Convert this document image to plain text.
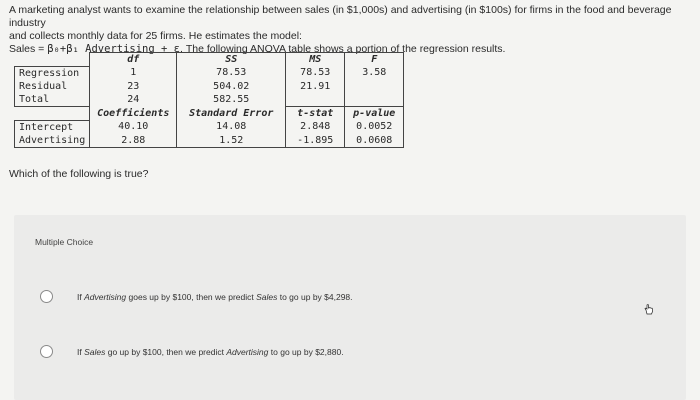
A marketing analyst wants to examine the relationship between sales (in $1,000s) and advertising (in $100s) for firms in the food and beverage industry
and collects monthly data for 25 firms. He estimates the model:
Sales = β₀+β₁ Advertising + ε. The following ANOVA table shows a portion of the regression results.
	df	SS	MS	F
Regression	1	78.53	78.53	3.58
Residual	23	504.02	21.91	
Total	24	582.55		
	Coefficients	Standard Error	t-stat	p-value
Intercept	40.10	14.08	2.848	0.0052
Advertising	2.88	1.52	-1.895	0.0608
Which of the following is true?
Multiple Choice
If Advertising goes up by $100, then we predict Sales to go up by $4,298.
If Sales go up by $100, then we predict Advertising to go up by $2,880.
